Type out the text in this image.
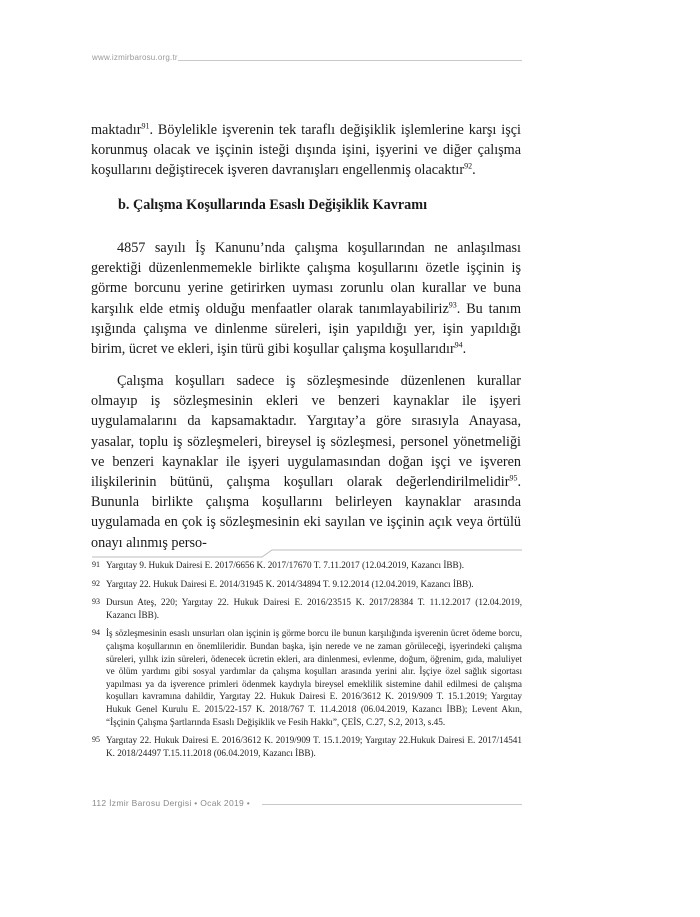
www.izmirbarosu.org.tr

maktadır$^{91}$. Böylelikle işverenin tek taraflı değişiklik işlemlerine karşı işçi korunmuş olacak ve işçinin isteği dışında işini, işyerini ve diğer çalışma koşullarını değiştirecek işveren davranışları engellenmiş olacaktır$^{92}$.

b. Çalışma Koşullarında Esaslı Değişiklik Kavramı

4857 sayılı İş Kanunu’nda çalışma koşullarından ne anlaşılması gerektiği düzenlenmemekle birlikte çalışma koşullarını özetle işçinin iş görme borcunu yerine getirirken uyması zorunlu olan kurallar ve buna karşılık elde etmiş olduğu menfaatler olarak tanımlayabiliriz$^{93}$. Bu tanım ışığında çalışma ve dinlenme süreleri, işin yapıldığı yer, işin yapıldığı birim, ücret ve ekleri, işin türü gibi koşullar çalışma koşullarıdır$^{94}$.

Çalışma koşulları sadece iş sözleşmesinde düzenlenen kurallar olmayıp iş sözleşmesinin ekleri ve benzeri kaynaklar ile işyeri uygulamalarını da kapsamaktadır. Yargıtay’a göre sırasıyla Anayasa, yasalar, toplu iş sözleşmeleri, bireysel iş sözleşmesi, personel yönetmeliği ve benzeri kaynaklar ile işyeri uygulamasından doğan işçi ve işveren ilişkilerinin bütünü, çalışma koşulları olarak değerlendirilmelidir$^{95}$. Bununla birlikte çalışma koşullarını belirleyen kaynaklar arasında uygulamada en çok iş sözleşmesinin eki sayılan ve işçinin açık veya örtülü onayı alınmış perso-

91 Yargıtay 9. Hukuk Dairesi E. 2017/6656 K. 2017/17670 T. 7.11.2017 (12.04.2019, Kazancı İBB).
92 Yargıtay 22. Hukuk Dairesi E. 2014/31945 K. 2014/34894 T. 9.12.2014 (12.04.2019, Kazancı İBB).
93 Dursun Ateş, 220; Yargıtay 22. Hukuk Dairesi E. 2016/23515 K. 2017/28384 T. 11.12.2017 (12.04.2019, Kazancı İBB).
94 İş sözleşmesinin esaslı unsurları olan işçinin iş görme borcu ile bunun karşılığında işverenin ücret ödeme borcu, çalışma koşullarının en önemlileridir. Bundan başka, işin nerede ve ne zaman görüleceği, işyerindeki çalışma süreleri, yıllık izin süreleri, ödenecek ücretin ekleri, ara dinlenmesi, evlenme, doğum, öğrenim, gıda, maluliyet ve ölüm yardımı gibi sosyal yardımlar da çalışma koşulları arasında yerini alır. İşçiye özel sağlık sigortası yapılması ya da işverence primleri ödenmek kaydıyla bireysel emeklilik sistemine dahil edilmesi de çalışma koşulları kavramına dahildir, Yargıtay 22. Hukuk Dairesi E. 2016/3612 K. 2019/909 T. 15.1.2019; Yargıtay Hukuk Genel Kurulu E. 2015/22-157 K. 2018/767 T. 11.4.2018 (06.04.2019, Kazancı İBB); Levent Akın, “İşçinin Çalışma Şartlarında Esaslı Değişiklik ve Fesih Hakkı”, ÇEİS, C.27, S.2, 2013, s.45.
95 Yargıtay 22. Hukuk Dairesi E. 2016/3612 K. 2019/909 T. 15.1.2019; Yargıtay 22.Hukuk Dairesi E. 2017/14541 K. 2018/24497 T.15.11.2018 (06.04.2019, Kazancı İBB).
112 İzmir Barosu Dergisi • Ocak 2019 •
